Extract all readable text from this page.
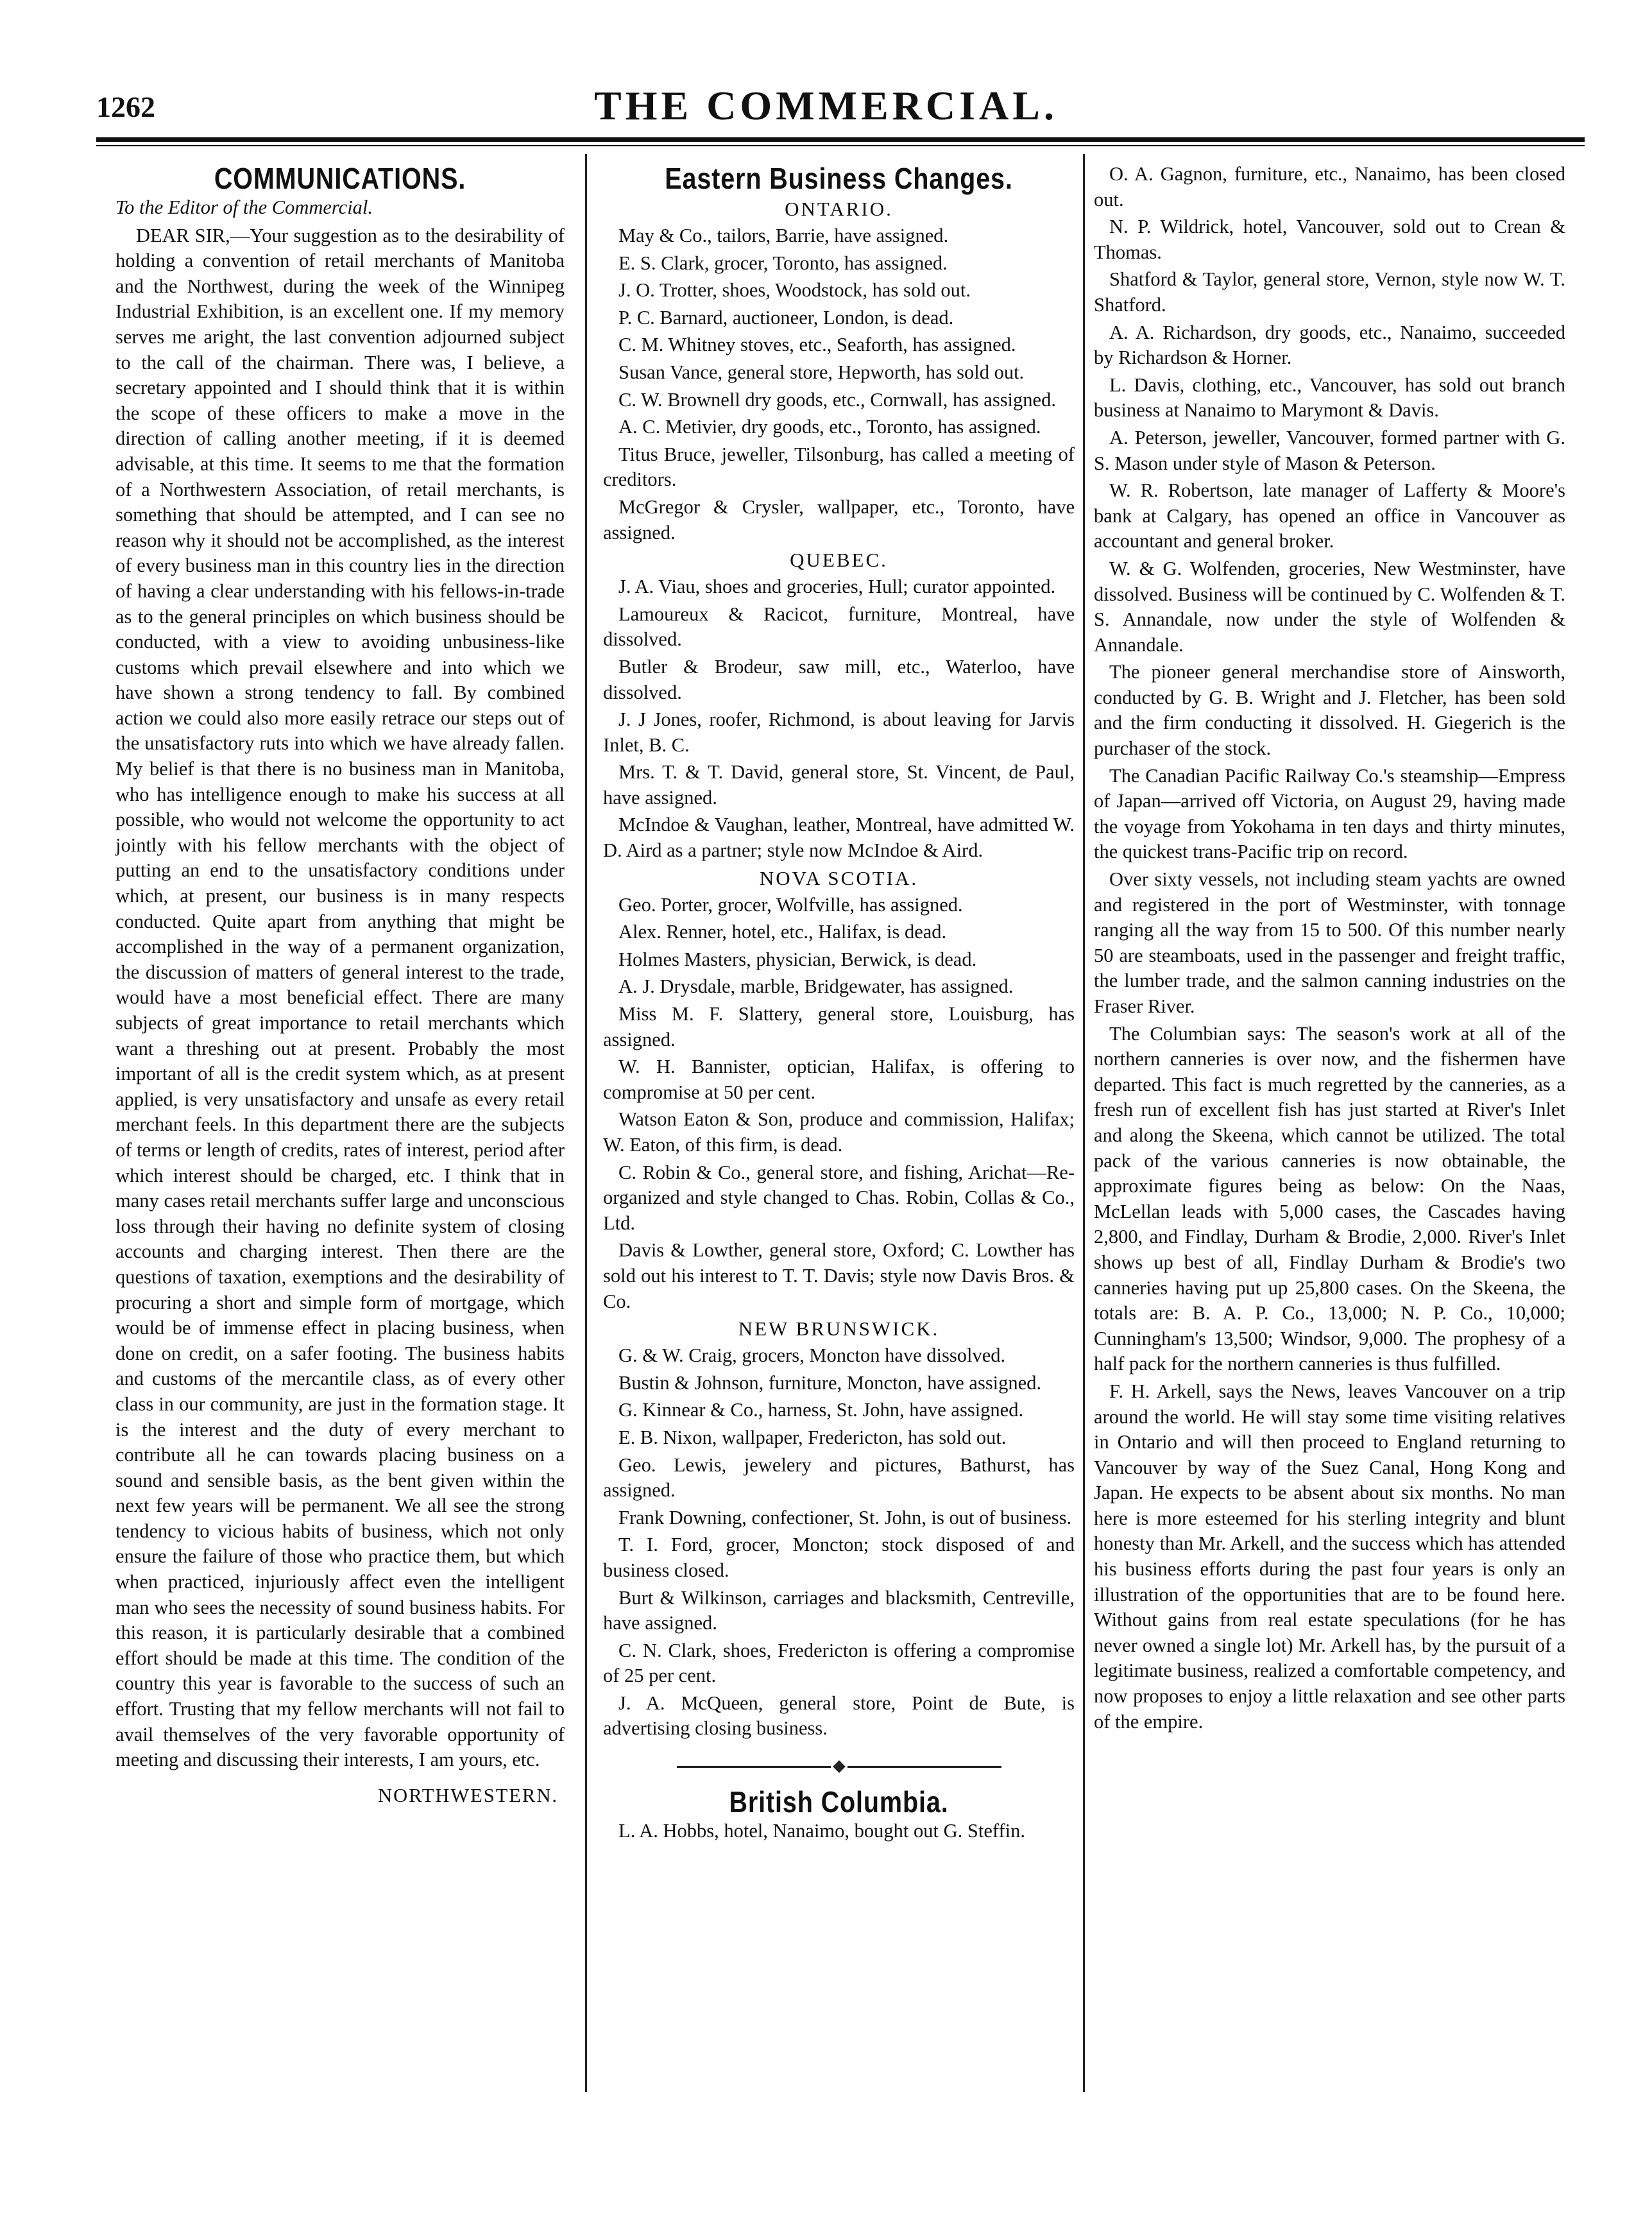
1262	THE COMMERCIAL.

COMMUNICATIONS.

To the Editor of the Commercial.

DEAR SIR,—Your suggestion as to the desirability of holding a convention of retail merchants of Manitoba and the Northwest, during the week of the Winnipeg Industrial Exhibition, is an excellent one. If my memory serves me aright, the last convention adjourned subject to the call of the chairman. There was, I believe, a secretary appointed and I should think that it is within the scope of these officers to make a move in the direction of calling another meeting, if it is deemed advisable, at this time. It seems to me that the formation of a Northwestern Association, of retail merchants, is something that should be attempted, and I can see no reason why it should not be accomplished, as the interest of every business man in this country lies in the direction of having a clear understanding with his fellows-in-trade as to the general principles on which business should be conducted, with a view to avoiding unbusiness-like customs which prevail elsewhere and into which we have shown a strong tendency to fall. By combined action we could also more easily retrace our steps out of the unsatisfactory ruts into which we have already fallen. My belief is that there is no business man in Manitoba, who has intelligence enough to make his success at all possible, who would not welcome the opportunity to act jointly with his fellow merchants with the object of putting an end to the unsatisfactory conditions under which, at present, our business is in many respects conducted. Quite apart from anything that might be accomplished in the way of a permanent organization, the discussion of matters of general interest to the trade, would have a most beneficial effect. There are many subjects of great importance to retail merchants which want a threshing out at present. Probably the most important of all is the credit system which, as at present applied, is very unsatisfactory and unsafe as every retail merchant feels. In this department there are the subjects of terms or length of credits, rates of interest, period after which interest should be charged, etc. I think that in many cases retail merchants suffer large and unconscious loss through their having no definite system of closing accounts and charging interest. Then there are the questions of taxation, exemptions and the desirability of procuring a short and simple form of mortgage, which would be of immense effect in placing business, when done on credit, on a safer footing. The business habits and customs of the mercantile class, as of every other class in our community, are just in the formation stage. It is the interest and the duty of every merchant to contribute all he can towards placing business on a sound and sensible basis, as the bent given within the next few years will be permanent. We all see the strong tendency to vicious habits of business, which not only ensure the failure of those who practice them, but which when practiced, injuriously affect even the intelligent man who sees the necessity of sound business habits. For this reason, it is particularly desirable that a combined effort should be made at this time. The condition of the country this year is favorable to the success of such an effort. Trusting that my fellow merchants will not fail to avail themselves of the very favorable opportunity of meeting and discussing their interests, I am yours, etc.

NORTHWESTERN.

Eastern Business Changes.

ONTARIO.

May & Co., tailors, Barrie, have assigned.

E. S. Clark, grocer, Toronto, has assigned.

J. O. Trotter, shoes, Woodstock, has sold out.

P. C. Barnard, auctioneer, London, is dead.

C. M. Whitney stoves, etc., Seaforth, has assigned.

Susan Vance, general store, Hepworth, has sold out.

C. W. Brownell dry goods, etc., Cornwall, has assigned.

A. C. Metivier, dry goods, etc., Toronto, has assigned.

Titus Bruce, jeweller, Tilsonburg, has called a meeting of creditors.

McGregor & Crysler, wallpaper, etc., Toronto, have assigned.

QUEBEC.

J. A. Viau, shoes and groceries, Hull; curator appointed.

Lamoureux & Racicot, furniture, Montreal, have dissolved.

Butler & Brodeur, saw mill, etc., Waterloo, have dissolved.

J. J Jones, roofer, Richmond, is about leaving for Jarvis Inlet, B. C.

Mrs. T. & T. David, general store, St. Vincent, de Paul, have assigned.

McIndoe & Vaughan, leather, Montreal, have admitted W. D. Aird as a partner; style now McIndoe & Aird.

NOVA SCOTIA.

Geo. Porter, grocer, Wolfville, has assigned.

Alex. Renner, hotel, etc., Halifax, is dead.

Holmes Masters, physician, Berwick, is dead.

A. J. Drysdale, marble, Bridgewater, has assigned.

Miss M. F. Slattery, general store, Louisburg, has assigned.

W. H. Bannister, optician, Halifax, is offering to compromise at 50 per cent.

Watson Eaton & Son, produce and commission, Halifax; W. Eaton, of this firm, is dead.

C. Robin & Co., general store, and fishing, Arichat—Re-organized and style changed to Chas. Robin, Collas & Co., Ltd.

Davis & Lowther, general store, Oxford; C. Lowther has sold out his interest to T. T. Davis; style now Davis Bros. & Co.

NEW BRUNSWICK.

G. & W. Craig, grocers, Moncton have dissolved.

Bustin & Johnson, furniture, Moncton, have assigned.

G. Kinnear & Co., harness, St. John, have assigned.

E. B. Nixon, wallpaper, Fredericton, has sold out.

Geo. Lewis, jewelery and pictures, Bathurst, has assigned.

Frank Downing, confectioner, St. John, is out of business.

T. I. Ford, grocer, Moncton; stock disposed of and business closed.

Burt & Wilkinson, carriages and blacksmith, Centreville, have assigned.

C. N. Clark, shoes, Fredericton is offering a compromise of 25 per cent.

J. A. McQueen, general store, Point de Bute, is advertising closing business.

British Columbia.

L. A. Hobbs, hotel, Nanaimo, bought out G. Steffin.

O. A. Gagnon, furniture, etc., Nanaimo, has been closed out.

N. P. Wildrick, hotel, Vancouver, sold out to Crean & Thomas.

Shatford & Taylor, general store, Vernon, style now W. T. Shatford.

A. A. Richardson, dry goods, etc., Nanaimo, succeeded by Richardson & Horner.

L. Davis, clothing, etc., Vancouver, has sold out branch business at Nanaimo to Marymont & Davis.

A. Peterson, jeweller, Vancouver, formed partner with G. S. Mason under style of Mason & Peterson.

W. R. Robertson, late manager of Lafferty & Moore's bank at Calgary, has opened an office in Vancouver as accountant and general broker.

W. & G. Wolfenden, groceries, New Westminster, have dissolved. Business will be continued by C. Wolfenden & T. S. Annandale, now under the style of Wolfenden & Annandale.

The pioneer general merchandise store of Ainsworth, conducted by G. B. Wright and J. Fletcher, has been sold and the firm conducting it dissolved. H. Giegerich is the purchaser of the stock.

The Canadian Pacific Railway Co.'s steamship—Empress of Japan—arrived off Victoria, on August 29, having made the voyage from Yokohama in ten days and thirty minutes, the quickest trans-Pacific trip on record.

Over sixty vessels, not including steam yachts are owned and registered in the port of Westminster, with tonnage ranging all the way from 15 to 500. Of this number nearly 50 are steamboats, used in the passenger and freight traffic, the lumber trade, and the salmon canning industries on the Fraser River.

The Columbian says: The season's work at all of the northern canneries is over now, and the fishermen have departed. This fact is much regretted by the canneries, as a fresh run of excellent fish has just started at River's Inlet and along the Skeena, which cannot be utilized. The total pack of the various canneries is now obtainable, the approximate figures being as below: On the Naas, McLellan leads with 5,000 cases, the Cascades having 2,800, and Findlay, Durham & Brodie, 2,000. River's Inlet shows up best of all, Findlay Durham & Brodie's two canneries having put up 25,800 cases. On the Skeena, the totals are: B. A. P. Co., 13,000; N. P. Co., 10,000; Cunningham's 13,500; Windsor, 9,000. The prophesy of a half pack for the northern canneries is thus fulfilled.

F. H. Arkell, says the News, leaves Vancouver on a trip around the world. He will stay some time visiting relatives in Ontario and will then proceed to England returning to Vancouver by way of the Suez Canal, Hong Kong and Japan. He expects to be absent about six months. No man here is more esteemed for his sterling integrity and blunt honesty than Mr. Arkell, and the success which has attended his business efforts during the past four years is only an illustration of the opportunities that are to be found here. Without gains from real estate speculations (for he has never owned a single lot) Mr. Arkell has, by the pursuit of a legitimate business, realized a comfortable competency, and now proposes to enjoy a little relaxation and see other parts of the empire.
